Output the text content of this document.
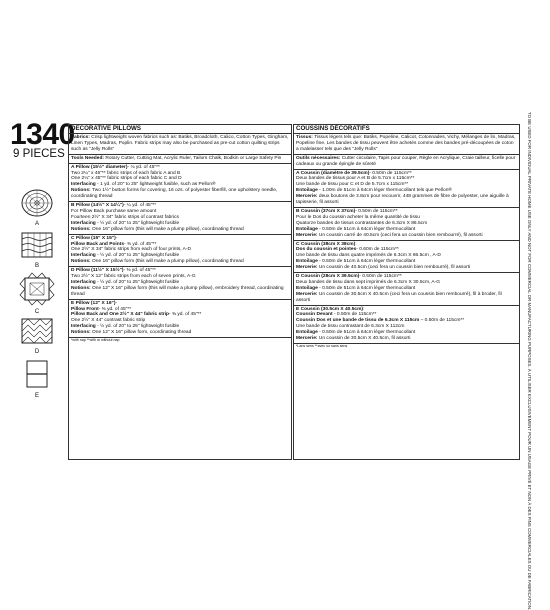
1340
9 PIECES
A
B
C
D
E
DECORATIVE PILLOWS

Fabrics: Crisp lightweight woven fabrics such as: Batiks, Broadcloth, Calico, Cotton Types, Gingham, Linen Types, Madras, Poplin. Fabric strips may also be purchased as pre-cut cotton quilting strips such as "Jelly Rolls"

Tools Needed: Rotary Cutter, Cutting Mat, Acrylic Ruler, Tailors Chalk, Bodkin or Large Safety Pin

A Pillow (15½" diameter)- ⅛ yd. of 45"**

Two 2¼" x 45"** fabric strips of each fabric A and B

One 2¼" x 45"** fabric strips of each fabric C and D

Interfacing - 1 yd. of 20" to 25" lightweight fusible, such as Pellon®

Notions: Two 1½" button forms for covering, 16 ozs. of polyester fiberfill, one upholstery needle, coordinating thread

B Pillow (14½" X 14¼")- ¼ yd. of 45"**

For Pillow Back purchase same amount

Fourteen 2½" X 34" fabric strips of contrast fabrics

Interfacing - ½ yd. of 20" to 25" lightweight fusible

Notions: One 16" pillow form (this will make a plump pillow), coordinating thread

C Pillow (15" X 15")-

Pillow Back and Points- ⅜ yd. of 45"**

One 2½" X 34" fabric strips from each of four prints, A-D

Interfacing - ½ yd. of 20" to 25" lightweight fusible

Notions: One 16" pillow form (this will make a plump pillow), coordinating thread

D Pillow (11½" X 15½")- ⅜ yd. of 45"**

Two 2½" X 12" fabric strips from each of seven prints, A-G

Interfacing - ½ yd. of 20" to 25" lightweight fusible

Notions: One 12" X 16" pillow form (this will make a plump pillow), embroidery thread, coordinating thread

E Pillow (12" X 16")-

Pillow Front- ⅜ yd. of 45"**

Pillow Back and One 2½" X 44" fabric strip- ⅜ yd. of 45"**

One 2½" X 44" contrast fabric strip

Interfacing - ½ yd. of 20" to 25" lightweight fusible

Notions: One 12" X 16" pillow form, coordinating thread

*with nap **with or without nap
COUSSINS DÉCORATIFS

Tissus: Tissus légers tels que: Batiks, Popeline, Calicot, Cotonnades, Vichy, Mélanges de lin, Madras, Popeline fine. Les bandes de tissu peuvent être achetés comme des bandes pré-découpées de coton a malelasser tels que des "Jelly Rolls"

Outils nécessaires: Cutter circulaire, Tapis pour couper, Règle en Acrylique, Craie tailleur, ficelle pour cadeaux ou grande épingle de sûreté

A Coussin (diamètre de 39.5cm)- 0.50m de 115cm**

Deux bandes de tissus pour A et B de 5.7cm x 115cm**

Une bande de tissu pour C et D de 5.7cm x 115cm**

Entoilage - 1.00m de 51cm à 64cm léger thermocollant tels que Pellon®

Mercerie: deux boutons de 3.8cm pour recouvrir, 448 grammes de fibre de polyester, une aiguille à tapisserie, fil assorti

B Coussin (37cm X 37cm)- 0.50m de 115cm**

Pour le Dos du coussin acheter la même quantité de tissu

Quatorze bandes de tissus contrastantes de 6.3cm X 86.5cm

Entoilage - 0.50m de 51cm à 64cm léger thermocollant

Mercerie: Un coussin carré de 40.5cm (ceci fera un coussin bien rembourré), fil assorti

C Coussin (38cm X 38cm):

Dos du coussin et pointes- 0.60m de 115cm**

Une bande de tissu dans quatre imprimés de 6.3cm X 86.5cm , A-D

Entoilage - 0.50m de 51cm à 64cm léger thermocollant

Mercerie: Un coussin de 40.5cm (ceci fera un coussin bien rembourré), fil assorti

D Coussin (28cm X 39.5cm)- 0.50m de 115cm**

Deux bandes de tissu dans sept imprimés de 6.3cm X 30.5cm, A-G

Entoilage - 0.50m de 51cm à 64cm léger thermocollant

Mercerie: Un coussin de 30.5cm X 40.5cm (ceci fera un coussin bien rembourré), fil à broder, fil assorti

E Coussin (30.5cm X 40.5cm):

Coussin Devant - 0.50m de 115cm**

Coussin Dos et une bande de tissu de 6.3cm X 115cm – 0.50m de 115cm**

Une bande de tissu contrastant de 6.3cm X 112cm

Entoilage - 0.50m de 51cm à 64cm léger thermocollant

Mercerie: Un coussin de 30.5cm X 40.5cm, fil assorti

*Lans sens **avec ou sans sens	TO BE USED FOR INDIVIDUAL PRIVATE HOME USE ONLY AND NOT FOR COMMERCIAL OR MANUFACTURING PURPOSES. À UTILISER EXCLUSIVEMENT POUR UN USAGE PRIVÉ ET NON À DES FINS COMMERCIALES OU DE FABRICATION.
